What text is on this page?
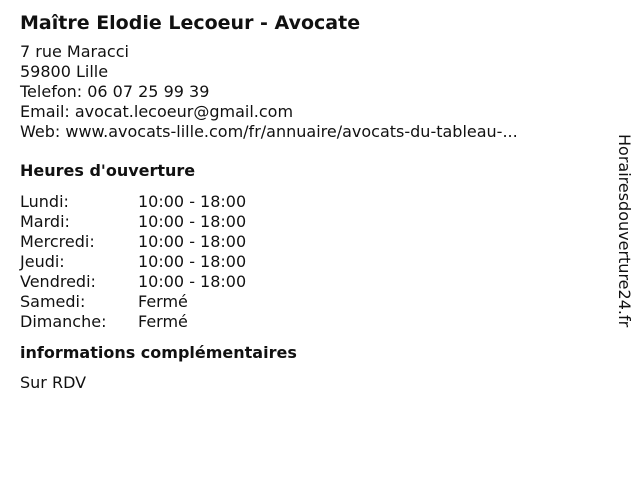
Maître Elodie Lecoeur - Avocate
7 rue Maracci
59800 Lille
Telefon: 06 07 25 99 39
Email: avocat.lecoeur@gmail.com
Web: www.avocats-lille.com/fr/annuaire/avocats-du-tableau-...
Heures d'ouverture
Lundi:	10:00 - 18:00
Mardi:	10:00 - 18:00
Mercredi:	10:00 - 18:00
Jeudi:	10:00 - 18:00
Vendredi:	10:00 - 18:00
Samedi:	Fermé
Dimanche:	Fermé
informations complémentaires
Sur RDV
Horairesdouverture24.fr
